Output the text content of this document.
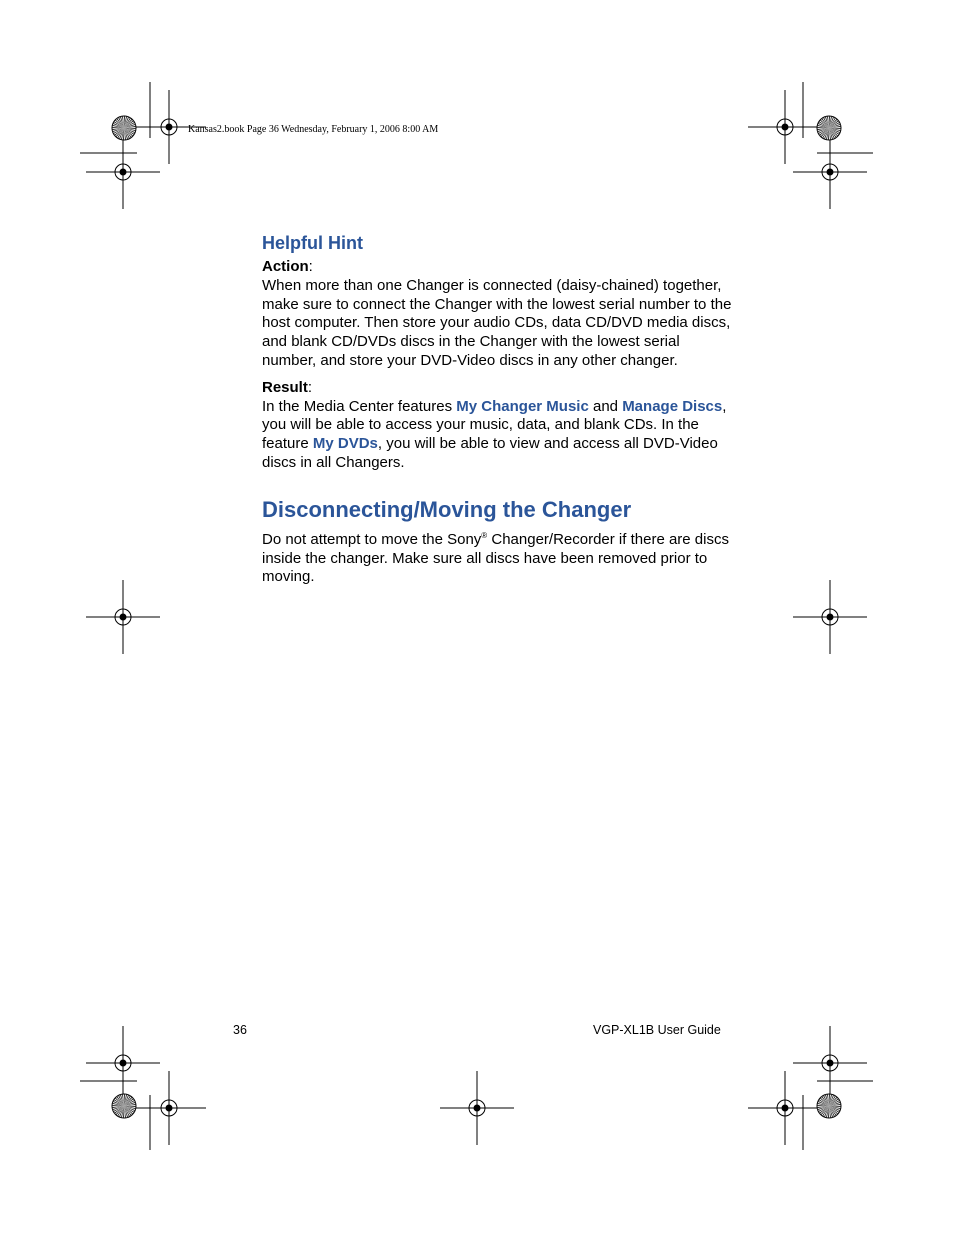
Kansas2.book Page 36 Wednesday, February 1, 2006 8:00 AM
Helpful Hint

Action:

When more than one Changer is connected (daisy-chained) together, make sure to connect the Changer with the lowest serial number to the host computer. Then store your audio CDs, data CD/DVD media discs, and blank CD/DVDs discs in the Changer with the lowest serial number, and store your DVD-Video discs in any other changer.

Result:

In the Media Center features My Changer Music and Manage Discs, you will be able to access your music, data, and blank CDs. In the feature My DVDs, you will be able to view and access all DVD-Video discs in all Changers.

Disconnecting/Moving the Changer

Do not attempt to move the Sony® Changer/Recorder if there are discs inside the changer. Make sure all discs have been removed prior to moving.

36	VGP-XL1B User Guide
